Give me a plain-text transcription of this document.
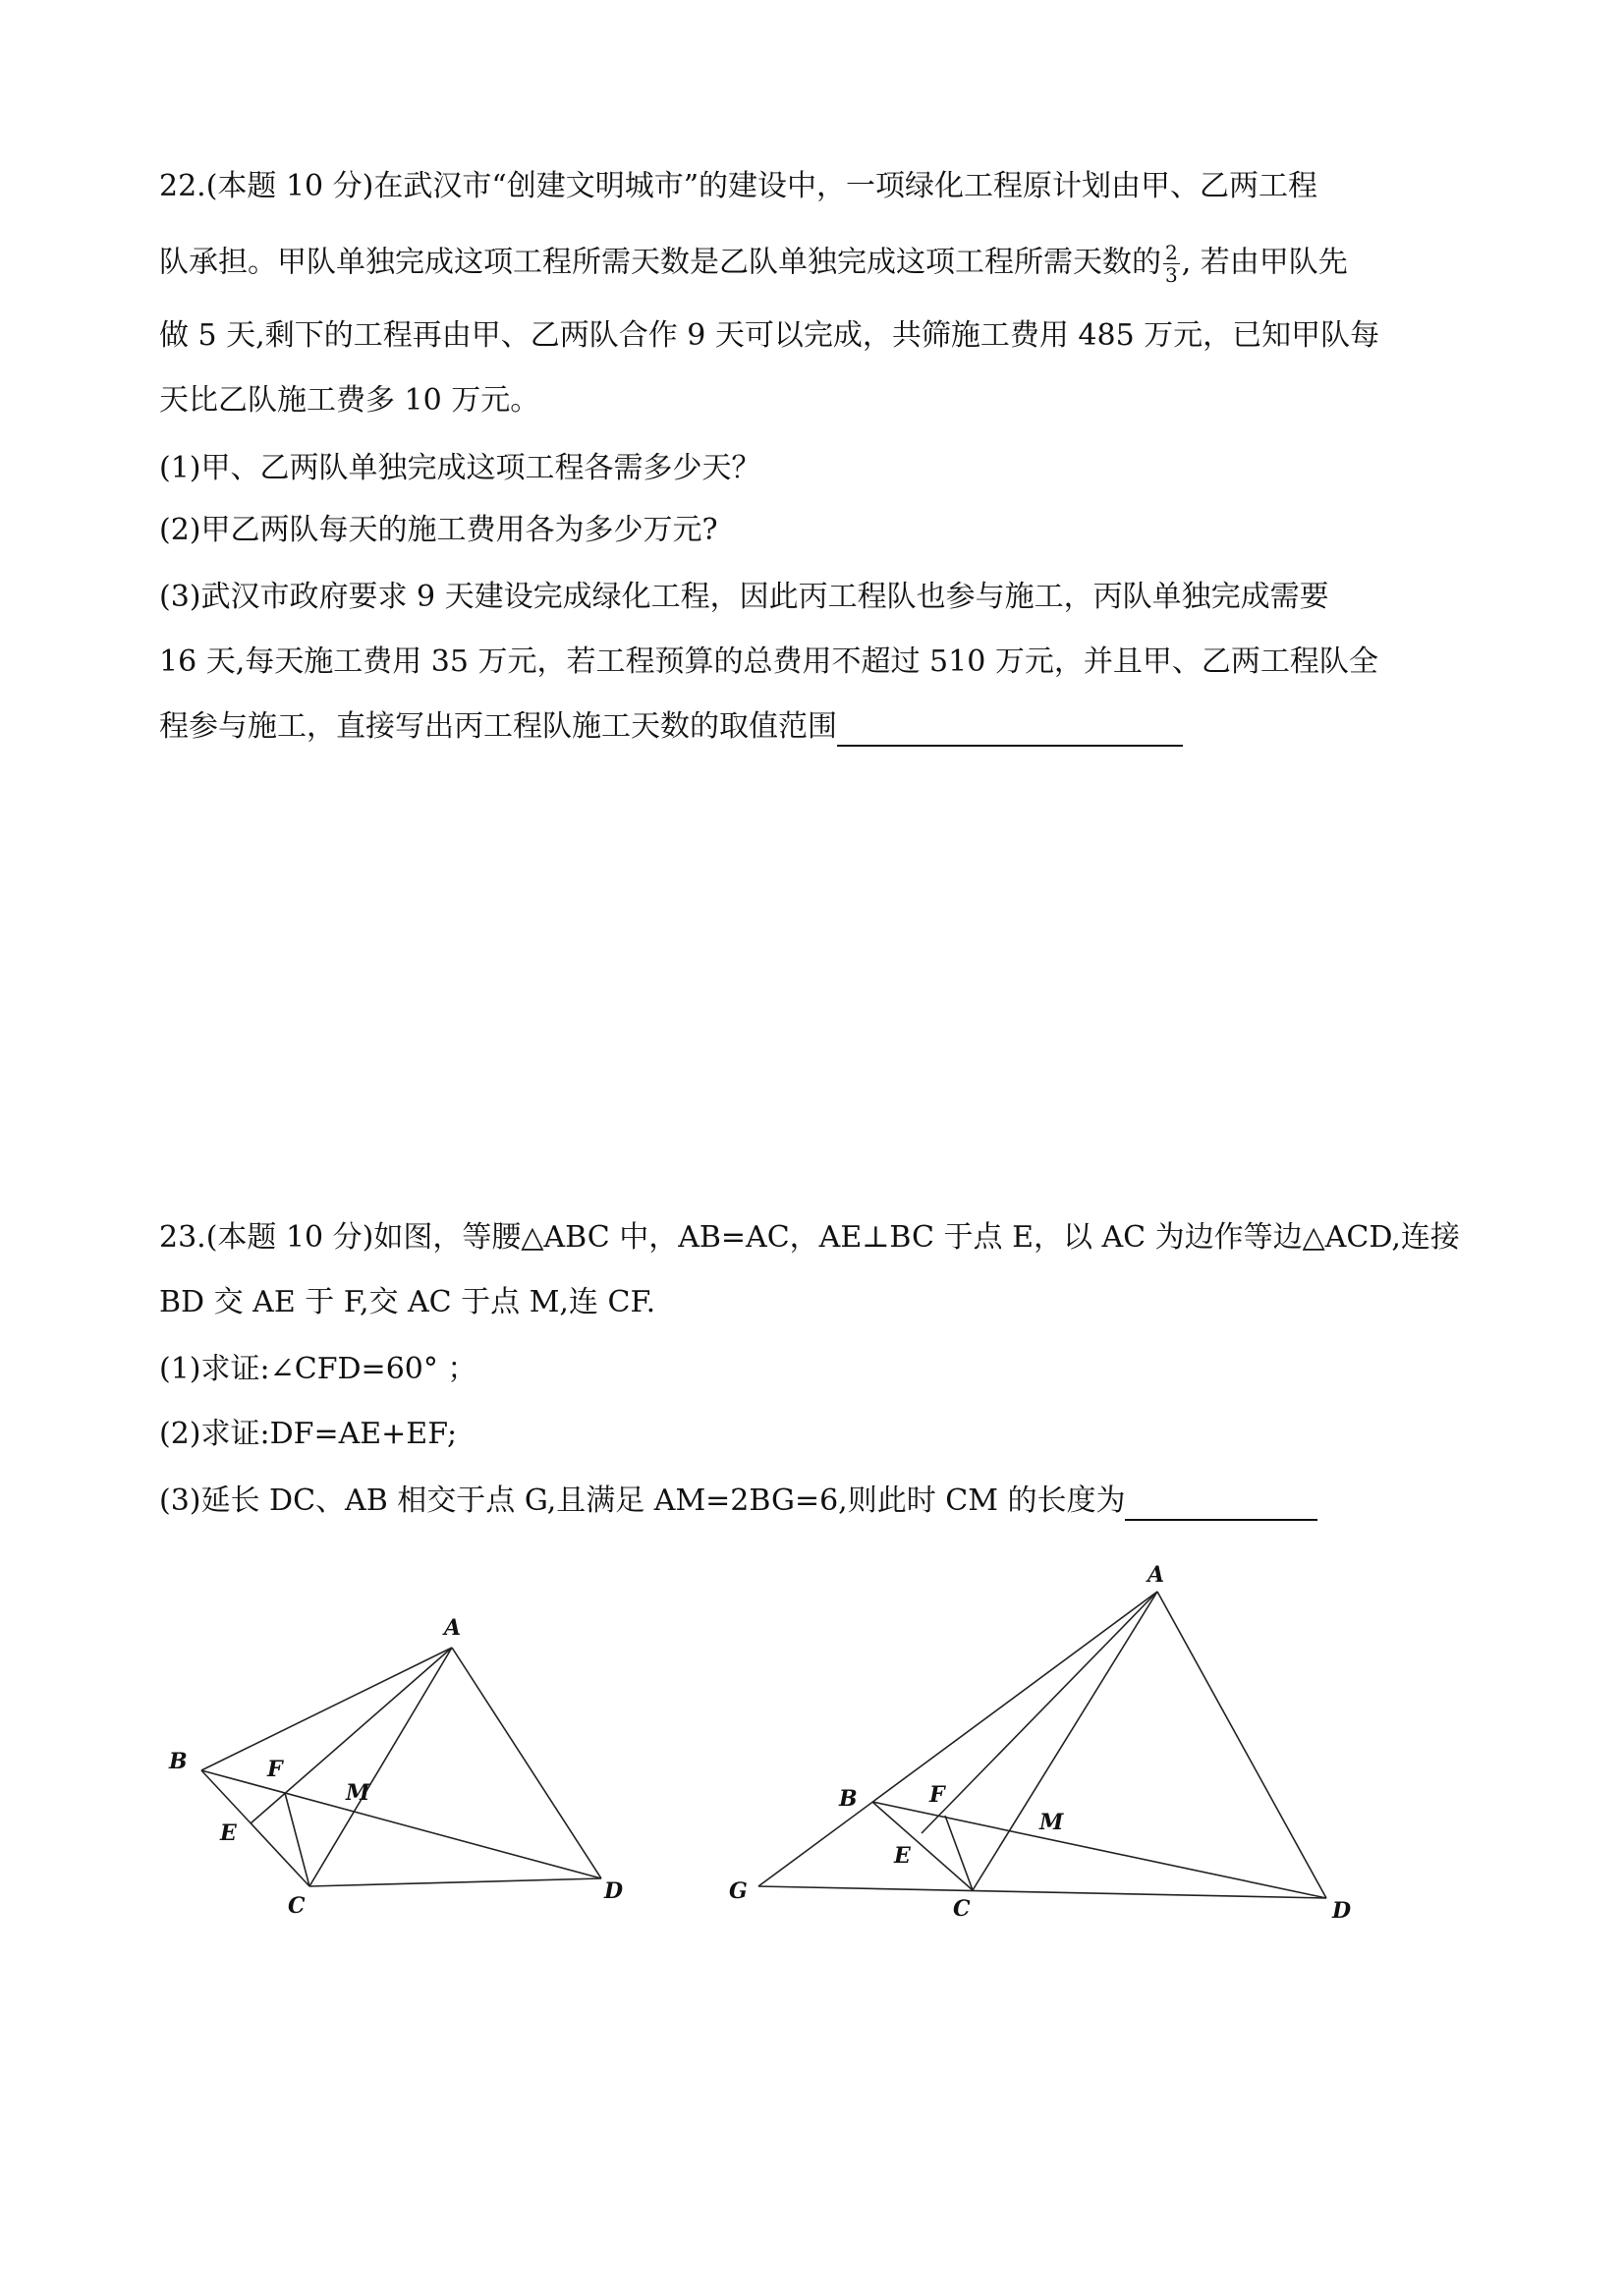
22.(本题 10 分)在武汉市“创建文明城市”的建设中，一项绿化工程原计划由甲、乙两工程
队承担。甲队单独完成这项工程所需天数是乙队单独完成这项工程所需天数的 $\frac{2}{3}$ , 若由甲队先
做 5 天,剩下的工程再由甲、乙两队合作 9 天可以完成，共筛施工费用 485 万元，已知甲队每
天比乙队施工费多 10 万元。
(1)甲、乙两队单独完成这项工程各需多少天？
(2)甲乙两队每天的施工费用各为多少万元?
(3)武汉市政府要求 9 天建设完成绿化工程，因此丙工程队也参与施工，丙队单独完成需要
16 天,每天施工费用 35 万元，若工程预算的总费用不超过 510 万元，并且甲、乙两工程队全
程参与施工，直接写出丙工程队施工天数的取值范围
23.(本题 10 分)如图，等腰△ABC 中，AB=AC，AE⊥BC 于点 E，以 AC 为边作等边△ACD,连接
BD 交 AE 于 F,交 AC 于点 M,连 CF.
(1)求证:∠CFD=60° ；
(2)求证:DF=AE+EF;
(3)延长 DC、AB 相交于点 G,且满足 AM=2BG=6,则此时 CM 的长度为
A
B
C
D
E
F
M
A
B
C	D
E
F
M
G
